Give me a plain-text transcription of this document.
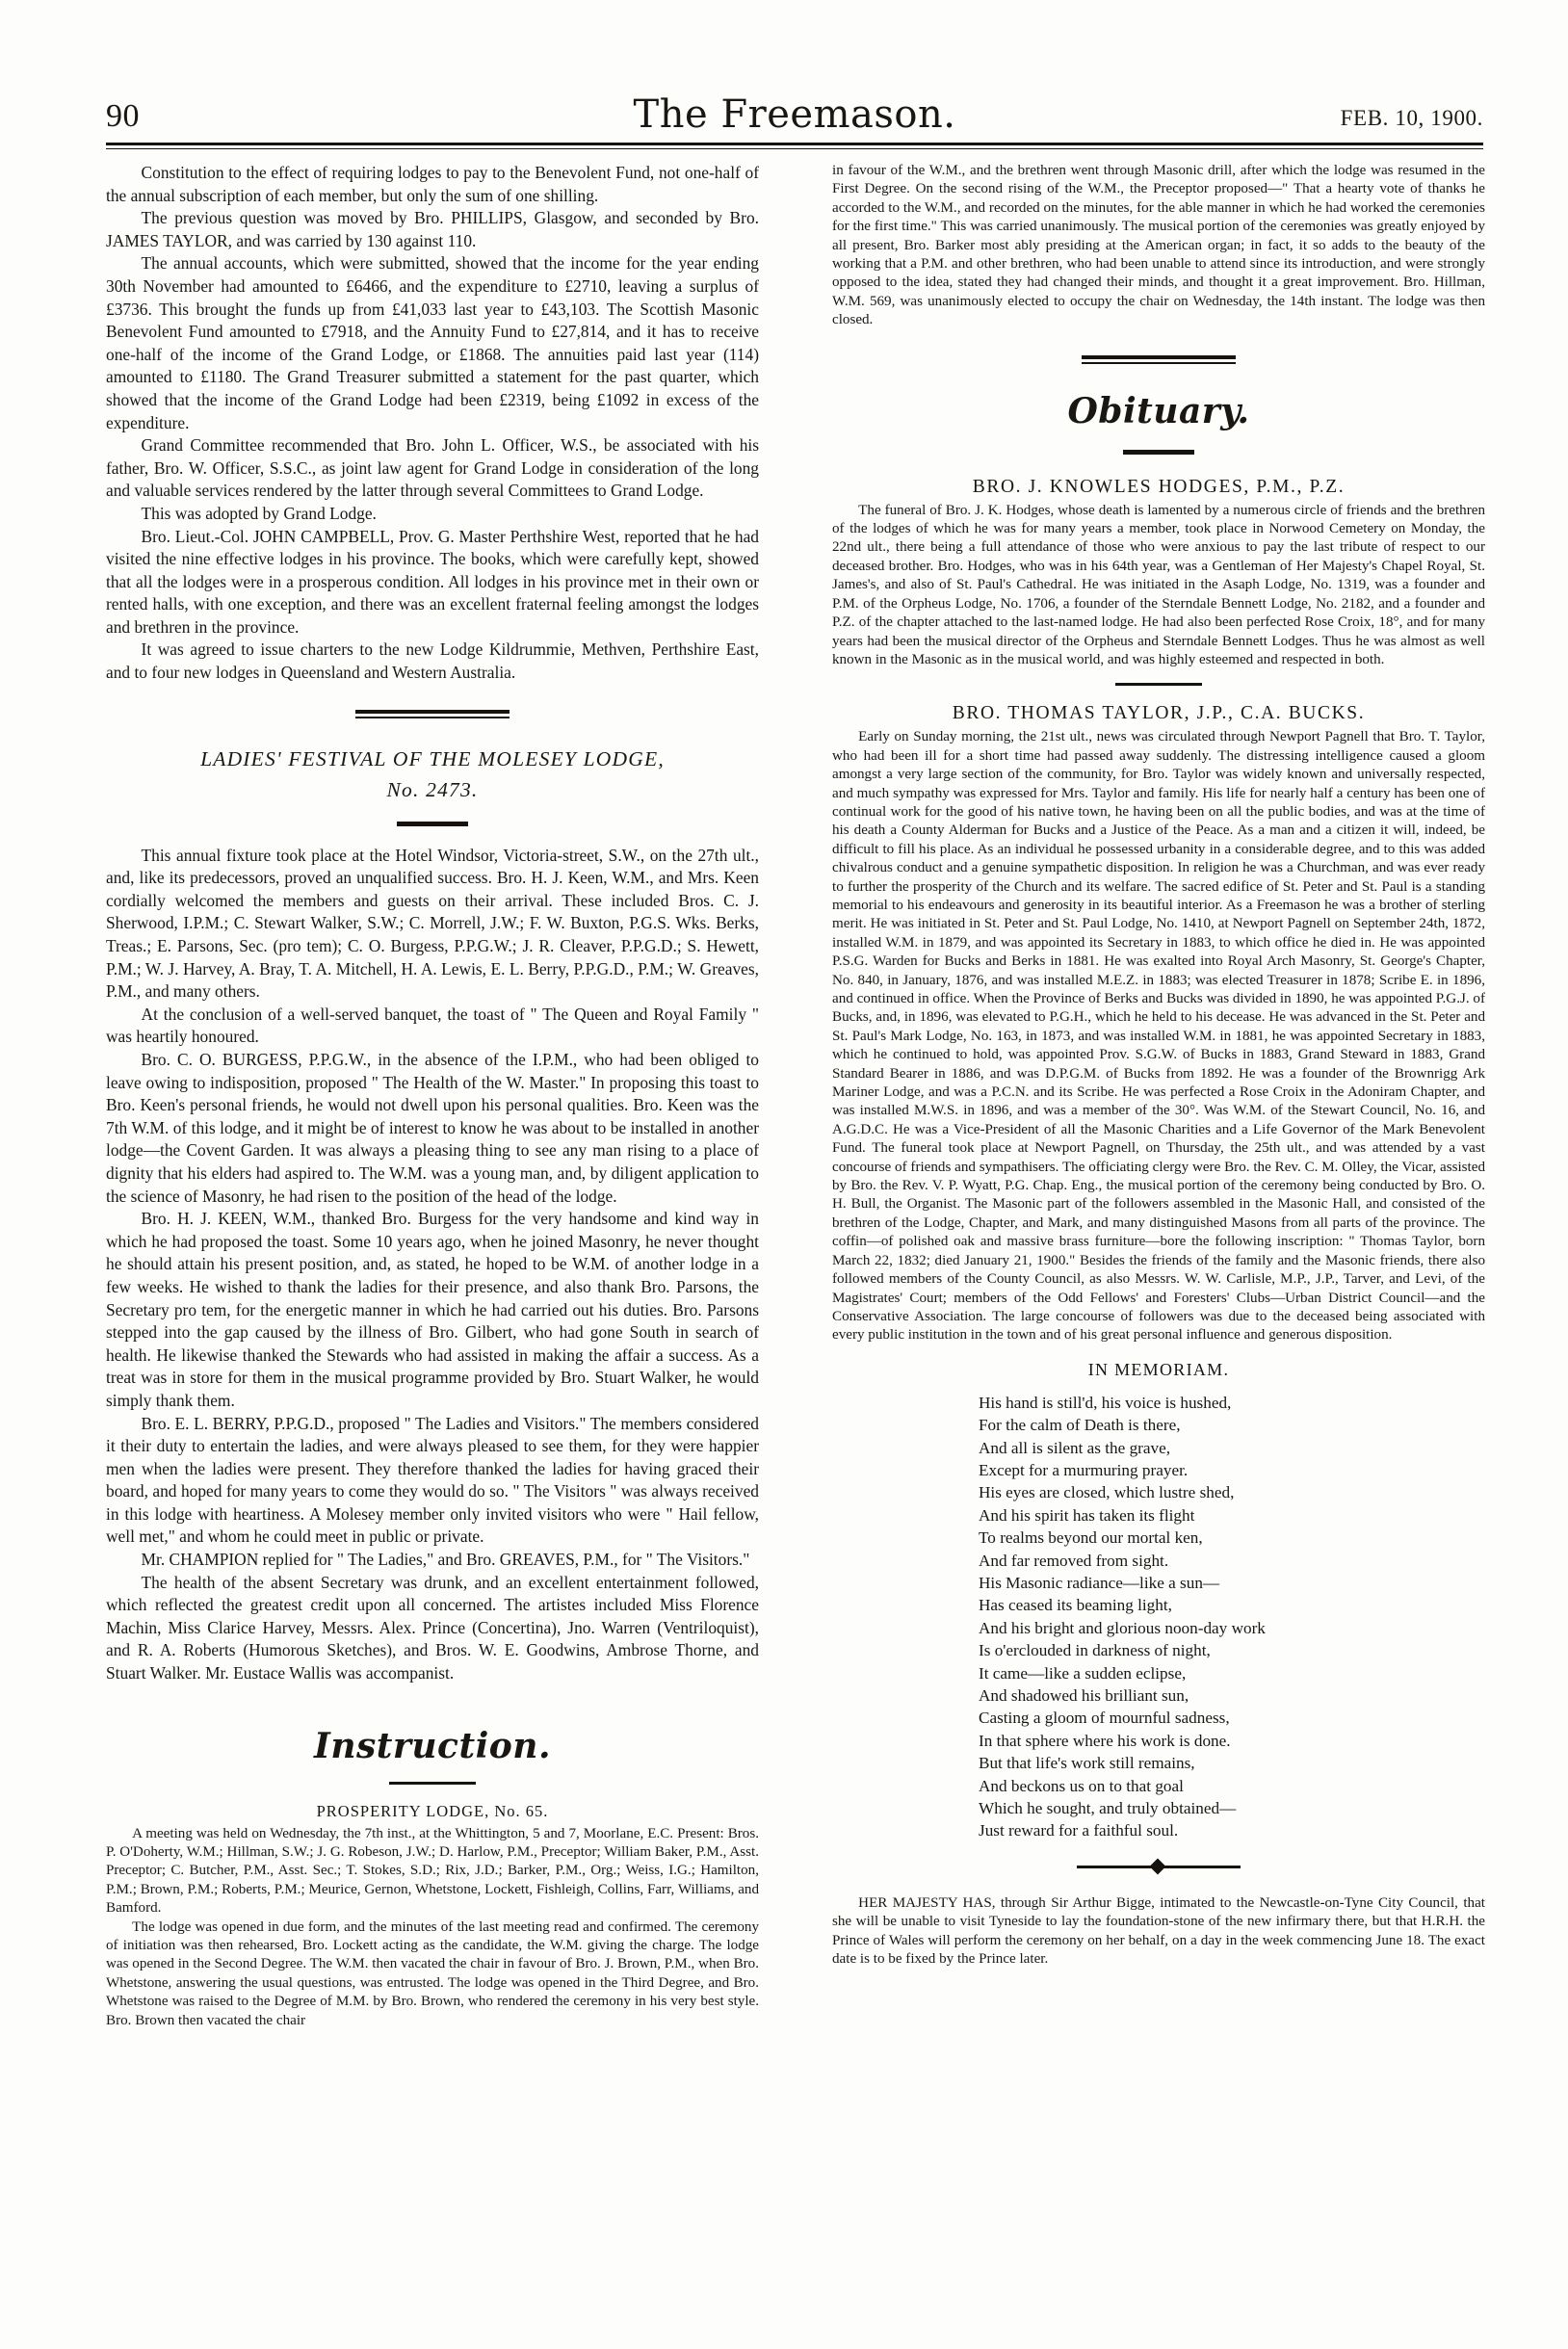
90	The Freemason.	FEB. 10, 1900.

Constitution to the effect of requiring lodges to pay to the Benevolent Fund, not one-half of the annual subscription of each member, but only the sum of one shilling.

The previous question was moved by Bro. PHILLIPS, Glasgow, and seconded by Bro. JAMES TAYLOR, and was carried by 130 against 110.

The annual accounts, which were submitted, showed that the income for the year ending 30th November had amounted to £6466, and the expenditure to £2710, leaving a surplus of £3736. This brought the funds up from £41,033 last year to £43,103. The Scottish Masonic Benevolent Fund amounted to £7918, and the Annuity Fund to £27,814, and it has to receive one-half of the income of the Grand Lodge, or £1868. The annuities paid last year (114) amounted to £1180. The Grand Treasurer submitted a statement for the past quarter, which showed that the income of the Grand Lodge had been £2319, being £1092 in excess of the expenditure.

Grand Committee recommended that Bro. John L. Officer, W.S., be associated with his father, Bro. W. Officer, S.S.C., as joint law agent for Grand Lodge in consideration of the long and valuable services rendered by the latter through several Committees to Grand Lodge.

This was adopted by Grand Lodge.

Bro. Lieut.-Col. JOHN CAMPBELL, Prov. G. Master Perthshire West, reported that he had visited the nine effective lodges in his province. The books, which were carefully kept, showed that all the lodges were in a prosperous condition. All lodges in his province met in their own or rented halls, with one exception, and there was an excellent fraternal feeling amongst the lodges and brethren in the province.

It was agreed to issue charters to the new Lodge Kildrummie, Methven, Perthshire East, and to four new lodges in Queensland and Western Australia.

LADIES' FESTIVAL OF THE MOLESEY LODGE,
No. 2473.

This annual fixture took place at the Hotel Windsor, Victoria-street, S.W., on the 27th ult., and, like its predecessors, proved an unqualified success. Bro. H. J. Keen, W.M., and Mrs. Keen cordially welcomed the members and guests on their arrival. These included Bros. C. J. Sherwood, I.P.M.; C. Stewart Walker, S.W.; C. Morrell, J.W.; F. W. Buxton, P.G.S. Wks. Berks, Treas.; E. Parsons, Sec. (pro tem); C. O. Burgess, P.P.G.W.; J. R. Cleaver, P.P.G.D.; S. Hewett, P.M.; W. J. Harvey, A. Bray, T. A. Mitchell, H. A. Lewis, E. L. Berry, P.P.G.D., P.M.; W. Greaves, P.M., and many others.

At the conclusion of a well-served banquet, the toast of " The Queen and Royal Family " was heartily honoured.

Bro. C. O. BURGESS, P.P.G.W., in the absence of the I.P.M., who had been obliged to leave owing to indisposition, proposed " The Health of the W. Master." In proposing this toast to Bro. Keen's personal friends, he would not dwell upon his personal qualities. Bro. Keen was the 7th W.M. of this lodge, and it might be of interest to know he was about to be installed in another lodge—the Covent Garden. It was always a pleasing thing to see any man rising to a place of dignity that his elders had aspired to. The W.M. was a young man, and, by diligent application to the science of Masonry, he had risen to the position of the head of the lodge.

Bro. H. J. KEEN, W.M., thanked Bro. Burgess for the very handsome and kind way in which he had proposed the toast. Some 10 years ago, when he joined Masonry, he never thought he should attain his present position, and, as stated, he hoped to be W.M. of another lodge in a few weeks. He wished to thank the ladies for their presence, and also thank Bro. Parsons, the Secretary pro tem, for the energetic manner in which he had carried out his duties. Bro. Parsons stepped into the gap caused by the illness of Bro. Gilbert, who had gone South in search of health. He likewise thanked the Stewards who had assisted in making the affair a success. As a treat was in store for them in the musical programme provided by Bro. Stuart Walker, he would simply thank them.

Bro. E. L. BERRY, P.P.G.D., proposed " The Ladies and Visitors." The members considered it their duty to entertain the ladies, and were always pleased to see them, for they were happier men when the ladies were present. They therefore thanked the ladies for having graced their board, and hoped for many years to come they would do so. " The Visitors " was always received in this lodge with heartiness. A Molesey member only invited visitors who were " Hail fellow, well met," and whom he could meet in public or private.

Mr. CHAMPION replied for " The Ladies," and Bro. GREAVES, P.M., for " The Visitors."

The health of the absent Secretary was drunk, and an excellent entertainment followed, which reflected the greatest credit upon all concerned. The artistes included Miss Florence Machin, Miss Clarice Harvey, Messrs. Alex. Prince (Concertina), Jno. Warren (Ventriloquist), and R. A. Roberts (Humorous Sketches), and Bros. W. E. Goodwins, Ambrose Thorne, and Stuart Walker. Mr. Eustace Wallis was accompanist.

Instruction.
PROSPERITY LODGE, No. 65.

A meeting was held on Wednesday, the 7th inst., at the Whittington, 5 and 7, Moorlane, E.C. Present: Bros. P. O'Doherty, W.M.; Hillman, S.W.; J. G. Robeson, J.W.; D. Harlow, P.M., Preceptor; William Baker, P.M., Asst. Preceptor; C. Butcher, P.M., Asst. Sec.; T. Stokes, S.D.; Rix, J.D.; Barker, P.M., Org.; Weiss, I.G.; Hamilton, P.M.; Brown, P.M.; Roberts, P.M.; Meurice, Gernon, Whetstone, Lockett, Fishleigh, Collins, Farr, Williams, and Bamford.

The lodge was opened in due form, and the minutes of the last meeting read and confirmed. The ceremony of initiation was then rehearsed, Bro. Lockett acting as the candidate, the W.M. giving the charge. The lodge was opened in the Second Degree. The W.M. then vacated the chair in favour of Bro. J. Brown, P.M., when Bro. Whetstone, answering the usual questions, was entrusted. The lodge was opened in the Third Degree, and Bro. Whetstone was raised to the Degree of M.M. by Bro. Brown, who rendered the ceremony in his very best style. Bro. Brown then vacated the chair

in favour of the W.M., and the brethren went through Masonic drill, after which the lodge was resumed in the First Degree. On the second rising of the W.M., the Preceptor proposed—" That a hearty vote of thanks he accorded to the W.M., and recorded on the minutes, for the able manner in which he had worked the ceremonies for the first time." This was carried unanimously. The musical portion of the ceremonies was greatly enjoyed by all present, Bro. Barker most ably presiding at the American organ; in fact, it so adds to the beauty of the working that a P.M. and other brethren, who had been unable to attend since its introduction, and were strongly opposed to the idea, stated they had changed their minds, and thought it a great improvement. Bro. Hillman, W.M. 569, was unanimously elected to occupy the chair on Wednesday, the 14th instant. The lodge was then closed.

Obituary.
BRO. J. KNOWLES HODGES, P.M., P.Z.

The funeral of Bro. J. K. Hodges, whose death is lamented by a numerous circle of friends and the brethren of the lodges of which he was for many years a member, took place in Norwood Cemetery on Monday, the 22nd ult., there being a full attendance of those who were anxious to pay the last tribute of respect to our deceased brother. Bro. Hodges, who was in his 64th year, was a Gentleman of Her Majesty's Chapel Royal, St. James's, and also of St. Paul's Cathedral. He was initiated in the Asaph Lodge, No. 1319, was a founder and P.M. of the Orpheus Lodge, No. 1706, a founder of the Sterndale Bennett Lodge, No. 2182, and a founder and P.Z. of the chapter attached to the last-named lodge. He had also been perfected Rose Croix, 18°, and for many years had been the musical director of the Orpheus and Sterndale Bennett Lodges. Thus he was almost as well known in the Masonic as in the musical world, and was highly esteemed and respected in both.

BRO. THOMAS TAYLOR, J.P., C.A. BUCKS.

Early on Sunday morning, the 21st ult., news was circulated through Newport Pagnell that Bro. T. Taylor, who had been ill for a short time had passed away suddenly. The distressing intelligence caused a gloom amongst a very large section of the community, for Bro. Taylor was widely known and universally respected, and much sympathy was expressed for Mrs. Taylor and family. His life for nearly half a century has been one of continual work for the good of his native town, he having been on all the public bodies, and was at the time of his death a County Alderman for Bucks and a Justice of the Peace. As a man and a citizen it will, indeed, be difficult to fill his place. As an individual he possessed urbanity in a considerable degree, and to this was added chivalrous conduct and a genuine sympathetic disposition. In religion he was a Churchman, and was ever ready to further the prosperity of the Church and its welfare. The sacred edifice of St. Peter and St. Paul is a standing memorial to his endeavours and generosity in its beautiful interior. As a Freemason he was a brother of sterling merit. He was initiated in St. Peter and St. Paul Lodge, No. 1410, at Newport Pagnell on September 24th, 1872, installed W.M. in 1879, and was appointed its Secretary in 1883, to which office he died in. He was appointed P.S.G. Warden for Bucks and Berks in 1881. He was exalted into Royal Arch Masonry, St. George's Chapter, No. 840, in January, 1876, and was installed M.E.Z. in 1883; was elected Treasurer in 1878; Scribe E. in 1896, and continued in office. When the Province of Berks and Bucks was divided in 1890, he was appointed P.G.J. of Bucks, and, in 1896, was elevated to P.G.H., which he held to his decease. He was advanced in the St. Peter and St. Paul's Mark Lodge, No. 163, in 1873, and was installed W.M. in 1881, he was appointed Secretary in 1883, which he continued to hold, was appointed Prov. S.G.W. of Bucks in 1883, Grand Steward in 1883, Grand Standard Bearer in 1886, and was D.P.G.M. of Bucks from 1892. He was a founder of the Brownrigg Ark Mariner Lodge, and was a P.C.N. and its Scribe. He was perfected a Rose Croix in the Adoniram Chapter, and was installed M.W.S. in 1896, and was a member of the 30°. Was W.M. of the Stewart Council, No. 16, and A.G.D.C. He was a Vice-President of all the Masonic Charities and a Life Governor of the Mark Benevolent Fund. The funeral took place at Newport Pagnell, on Thursday, the 25th ult., and was attended by a vast concourse of friends and sympathisers. The officiating clergy were Bro. the Rev. C. M. Olley, the Vicar, assisted by Bro. the Rev. V. P. Wyatt, P.G. Chap. Eng., the musical portion of the ceremony being conducted by Bro. O. H. Bull, the Organist. The Masonic part of the followers assembled in the Masonic Hall, and consisted of the brethren of the Lodge, Chapter, and Mark, and many distinguished Masons from all parts of the province. The coffin—of polished oak and massive brass furniture—bore the following inscription: " Thomas Taylor, born March 22, 1832; died January 21, 1900." Besides the friends of the family and the Masonic friends, there also followed members of the County Council, as also Messrs. W. W. Carlisle, M.P., J.P., Tarver, and Levi, of the Magistrates' Court; members of the Odd Fellows' and Foresters' Clubs—Urban District Council—and the Conservative Association. The large concourse of followers was due to the deceased being associated with every public institution in the town and of his great personal influence and generous disposition.

IN MEMORIAM.
His hand is still'd, his voice is hushed,
For the calm of Death is there,
And all is silent as the grave,
Except for a murmuring prayer.
His eyes are closed, which lustre shed,
And his spirit has taken its flight
To realms beyond our mortal ken,
And far removed from sight.
His Masonic radiance—like a sun—
Has ceased its beaming light,
And his bright and glorious noon-day work
Is o'erclouded in darkness of night,
It came—like a sudden eclipse,
And shadowed his brilliant sun,
Casting a gloom of mournful sadness,
In that sphere where his work is done.
But that life's work still remains,
And beckons us on to that goal
Which he sought, and truly obtained—
Just reward for a faithful soul.

HER MAJESTY HAS, through Sir Arthur Bigge, intimated to the Newcastle-on-Tyne City Council, that she will be unable to visit Tyneside to lay the foundation-stone of the new infirmary there, but that H.R.H. the Prince of Wales will perform the ceremony on her behalf, on a day in the week commencing June 18. The exact date is to be fixed by the Prince later.
